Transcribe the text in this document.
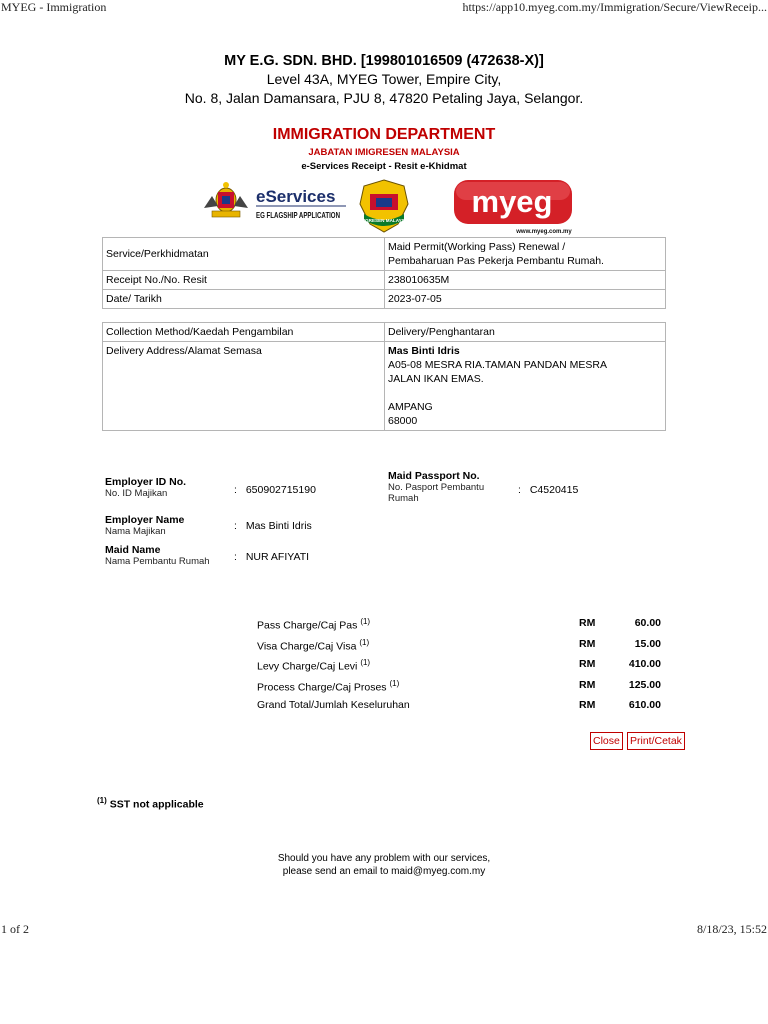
MYEG - Immigration	https://app10.myeg.com.my/Immigration/Secure/ViewReceip...
MY E.G. SDN. BHD. [199801016509 (472638-X)]
Level 43A, MYEG Tower, Empire City,
No. 8, Jalan Damansara, PJU 8, 47820 Petaling Jaya, Selangor.
IMMIGRATION DEPARTMENT
JABATAN IMIGRESEN MALAYSIA
e-Services Receipt - Resit e-Khidmat
eServices
EG FLAGSHIP APPLICATION
IMIGRESEN MALAYSIA
myeg
www.myeg.com.my
Service/Perkhidmatan	Maid Permit(Working Pass) Renewal /
Pembaharuan Pas Pekerja Pembantu Rumah.

Receipt No./No. Resit	238010635M
Date/ Tarikh	2023-07-05
Collection Method/Kaedah Pengambilan	Delivery/Penghantaran
Delivery Address/Alamat Semasa	Mas Binti Idris
A05-08 MESRA RIA.TAMAN PANDAN MESRA
JALAN IKAN EMAS.
AMPANG
68000
Employer ID No.
No. ID Majikan	: 650902715190
Employer Name
Nama Majikan	: Mas Binti Idris
Maid Name
Nama Pembantu Rumah : NUR AFIYATI
Maid Passport No.
No. Pasport Pembantu
Rumah
: C4520415
Pass Charge/Caj Pas $^{(1)}$	RM	60.00
Visa Charge/Caj Visa $^{(1)}$	RM	15.00
Levy Charge/Caj Levi $^{(1)}$	RM	410.00
Process Charge/Caj Proses $^{(1)}$	RM	125.00
Grand Total/Jumlah Keseluruhan	RM	610.00
Close Print/Cetak
$^{(1)}$ SST not applicable
Should you have any problem with our services,
please send an email to maid@myeg.com.my
1 of 2	8/18/23, 15:52
